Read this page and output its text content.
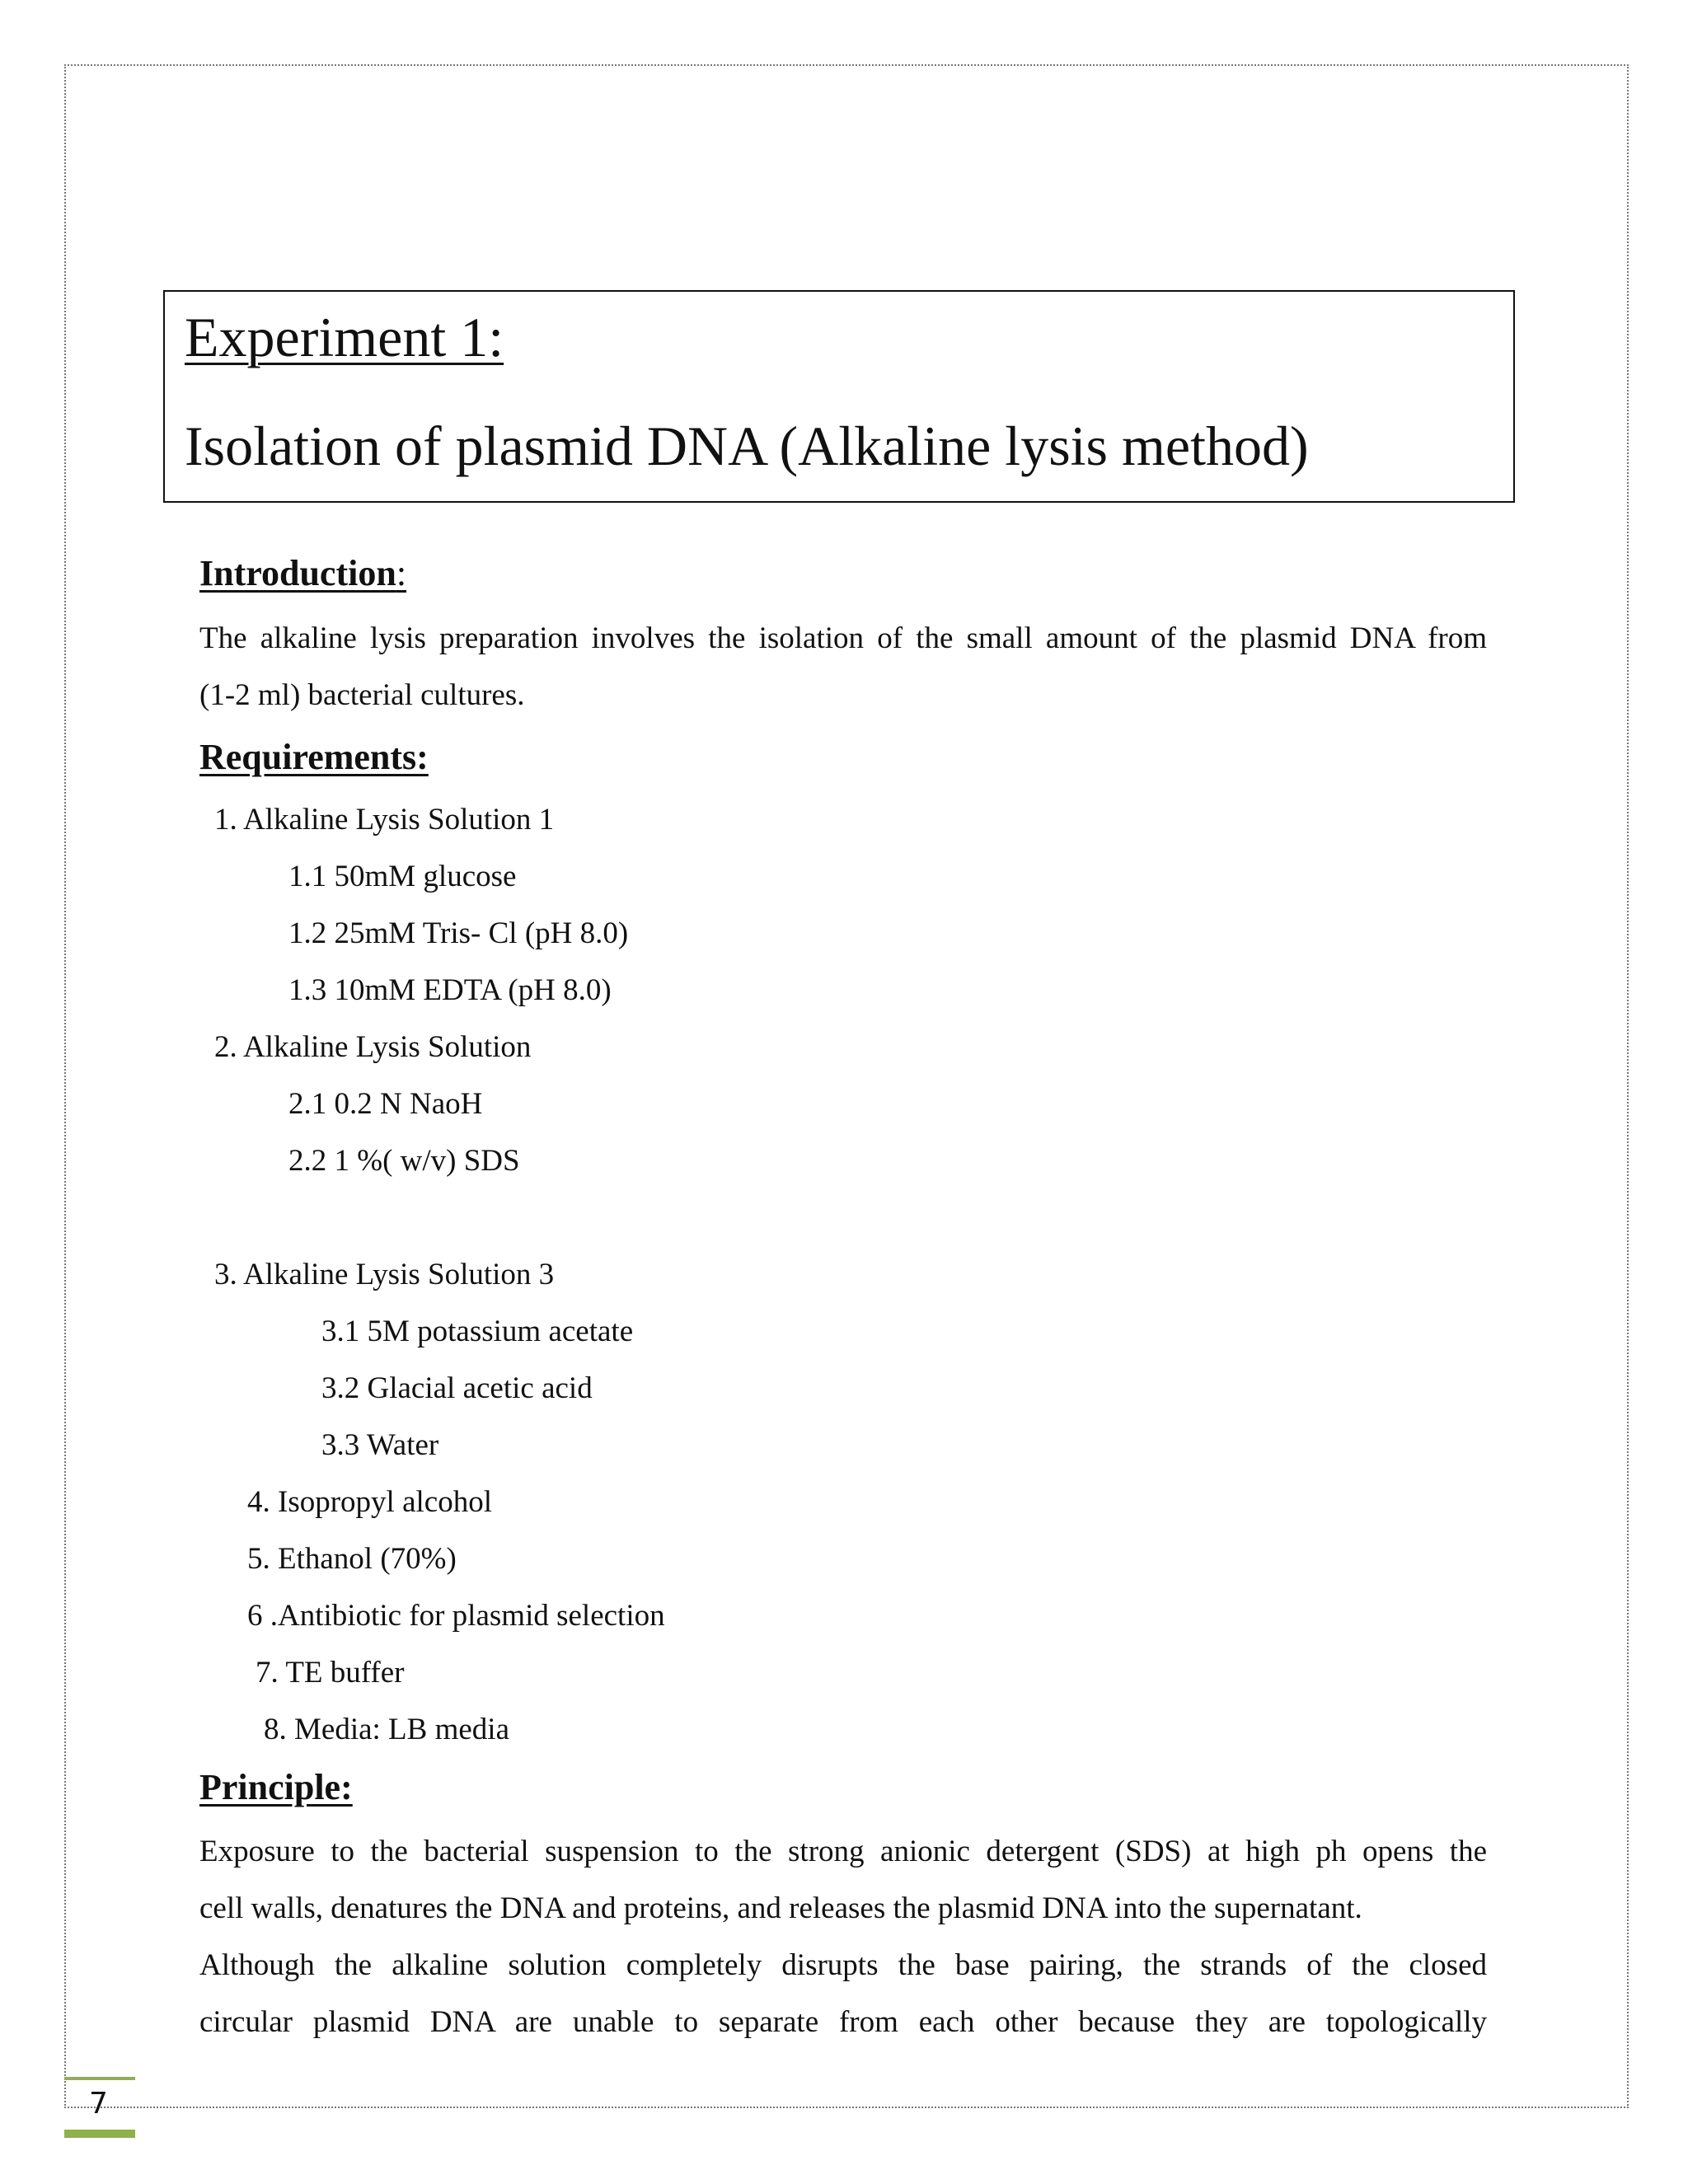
Experiment 1:
Isolation of plasmid DNA (Alkaline lysis method)
Introduction:
The alkaline lysis preparation involves the isolation of the small amount of the plasmid DNA from
(1-2 ml) bacterial cultures.
Requirements:
1. Alkaline Lysis Solution 1
1.1 50mM glucose
1.2 25mM Tris- Cl (pH 8.0)
1.3 10mM EDTA (pH 8.0)
2. Alkaline Lysis Solution
2.1 0.2 N NaoH
2.2 1 %( w/v) SDS
3. Alkaline Lysis Solution 3
3.1 5M potassium acetate
3.2 Glacial acetic acid
3.3 Water
4. Isopropyl alcohol
5. Ethanol (70%)
6 .Antibiotic for plasmid selection
7. TE buffer
8. Media: LB media
Principle:
Exposure to the bacterial suspension to the strong anionic detergent (SDS) at high ph opens the
cell walls, denatures the DNA and proteins, and releases the plasmid DNA into the supernatant.
Although the alkaline solution completely disrupts the base pairing, the strands of the closed
circular plasmid DNA are unable to separate from each other because they are topologically
7
